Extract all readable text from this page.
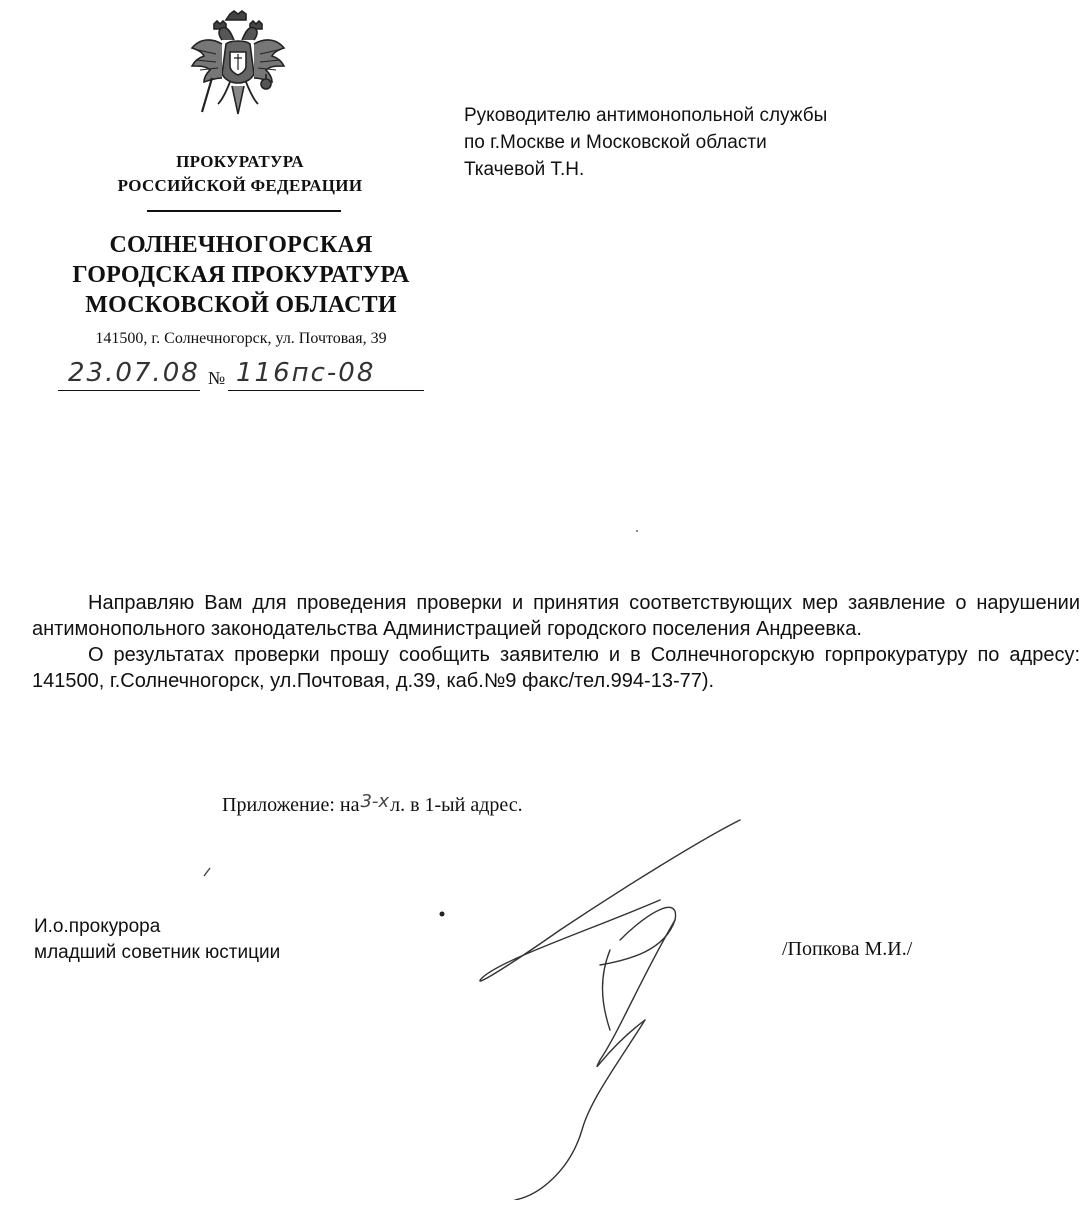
ПРОКУРАТУРА
РОССИЙСКОЙ ФЕДЕРАЦИИ
СОЛНЕЧНОГОРСКАЯ
ГОРОДСКАЯ ПРОКУРАТУРА
МОСКОВСКОЙ ОБЛАСТИ
141500, г. Солнечногорск, ул. Почтовая, 39
23.07.08 № 116пс-08
Руководителю антимонопольной службы
по г.Москве и Московской области
Ткачевой Т.Н.

Направляю Вам для проведения проверки и принятия соответствующих мер заявление о нарушении антимонопольного законодательства Администрацией городского поселения Андреевка.

О результатах проверки прошу сообщить заявителю и в Солнечногорскую горпрокуратуру по адресу: 141500, г.Солнечногорск, ул.Почтовая, д.39, каб.№9 факс/тел.994-13-77).

Приложение: на3-хл. в 1-ый адрес.
И.о.прокурора
младший советник юстиции	/Попкова М.И./
